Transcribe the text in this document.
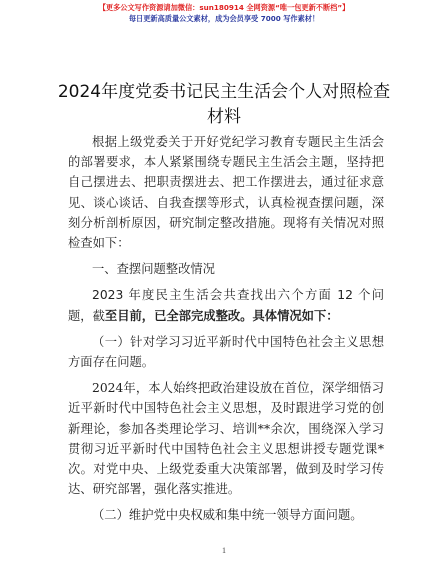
【更多公文写作资源请加微信：sun180914 全网资源“唯一包更新不断档”】
每日更新高质量公文素材，成为会员享受 7000 写作素材！
2024年度党委书记民主生活会个人对照检查材料

根据上级党委关于开好党纪学习教育专题民主生活会的部署要求，本人紧紧围绕专题民主生活会主题，坚持把自己摆进去、把职责摆进去、把工作摆进去，通过征求意见、谈心谈话、自我查摆等形式，认真检视查摆问题，深刻分析剖析原因，研究制定整改措施。现将有关情况对照检查如下：

一、查摆问题整改情况

2023 年度民主生活会共查找出六个方面 12 个问题，截至目前，已全部完成整改。具体情况如下：

（一）针对学习习近平新时代中国特色社会主义思想方面存在问题。

2024年，本人始终把政治建设放在首位，深学细悟习近平新时代中国特色社会主义思想，及时跟进学习党的创新理论，参加各类理论学习、培训**余次，围绕深入学习贯彻习近平新时代中国特色社会主义思想讲授专题党课*次。对党中央、上级党委重大决策部署，做到及时学习传达、研究部署，强化落实推进。

（二）维护党中央权威和集中统一领导方面问题。

1
